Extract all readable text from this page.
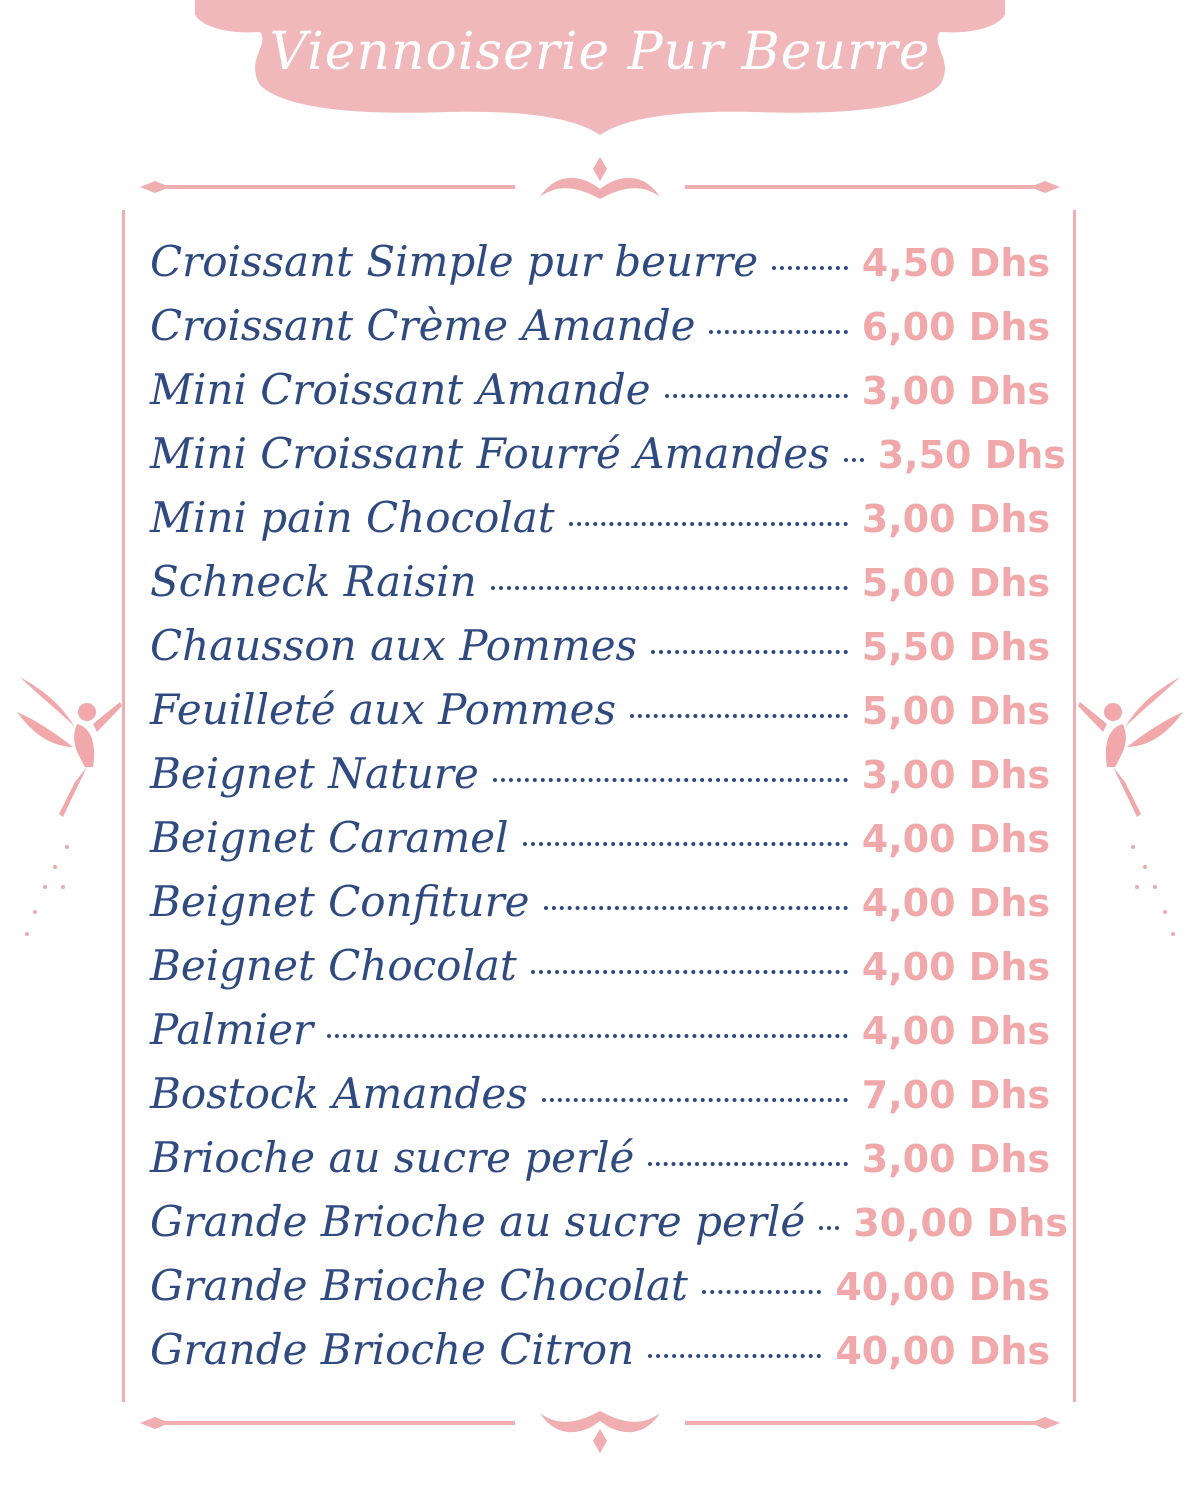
Viennoiserie Pur Beurre
Croissant Simple pur beurre	4,50 Dhs
Croissant Crème Amande	6,00 Dhs
Mini Croissant Amande	3,00 Dhs
Mini Croissant Fourré Amandes 3,50 Dhs
Mini pain Chocolat	3,00 Dhs
Schneck Raisin	5,00 Dhs
Chausson aux Pommes	5,50 Dhs
Feuilleté aux Pommes	5,00 Dhs
Beignet Nature	3,00 Dhs
Beignet Caramel	4,00 Dhs
Beignet Confiture	4,00 Dhs
Beignet Chocolat	4,00 Dhs
Palmier	4,00 Dhs
Bostock Amandes	7,00 Dhs
Brioche au sucre perlé	3,00 Dhs
Grande Brioche au sucre perlé 30,00 Dhs
Grande Brioche Chocolat	40,00 Dhs
Grande Brioche Citron	40,00 Dhs
